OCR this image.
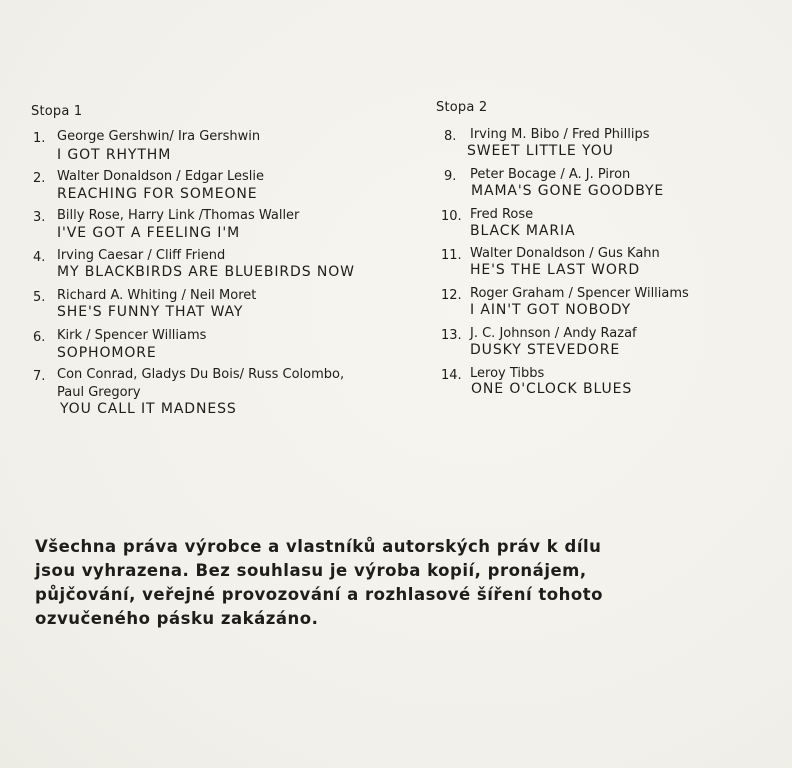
Stopa 1
1. George Gershwin/ Ira Gershwin
I GOT RHYTHM
2. Walter Donaldson / Edgar Leslie
REACHING FOR SOMEONE
3. Billy Rose, Harry Link /Thomas Waller
I'VE GOT A FEELING I'M
4. Irving Caesar / Cliff Friend
MY BLACKBIRDS ARE BLUEBIRDS NOW
5. Richard A. Whiting / Neil Moret
SHE'S FUNNY THAT WAY
6. Kirk / Spencer Williams
SOPHOMORE
7. Con Conrad, Gladys Du Bois/ Russ Colombo,
Paul Gregory
YOU CALL IT MADNESS
Stopa 2
8. Irving M. Bibo / Fred Phillips
SWEET LITTLE YOU
9. Peter Bocage / A. J. Piron
MAMA'S GONE GOODBYE
10. Fred Rose
BLACK MARIA
11. Walter Donaldson / Gus Kahn
HE'S THE LAST WORD
12. Roger Graham / Spencer Williams
I AIN'T GOT NOBODY
13. J. C. Johnson / Andy Razaf
DUSKY STEVEDORE
14. Leroy Tibbs
ONE O'CLOCK BLUES

Všechna práva výrobce a vlastníků autorských práv k dílu
jsou vyhrazena. Bez souhlasu je výroba kopií, pronájem,
půjčování, veřejné provozování a rozhlasové šíření tohoto
ozvučeného pásku zakázáno.
